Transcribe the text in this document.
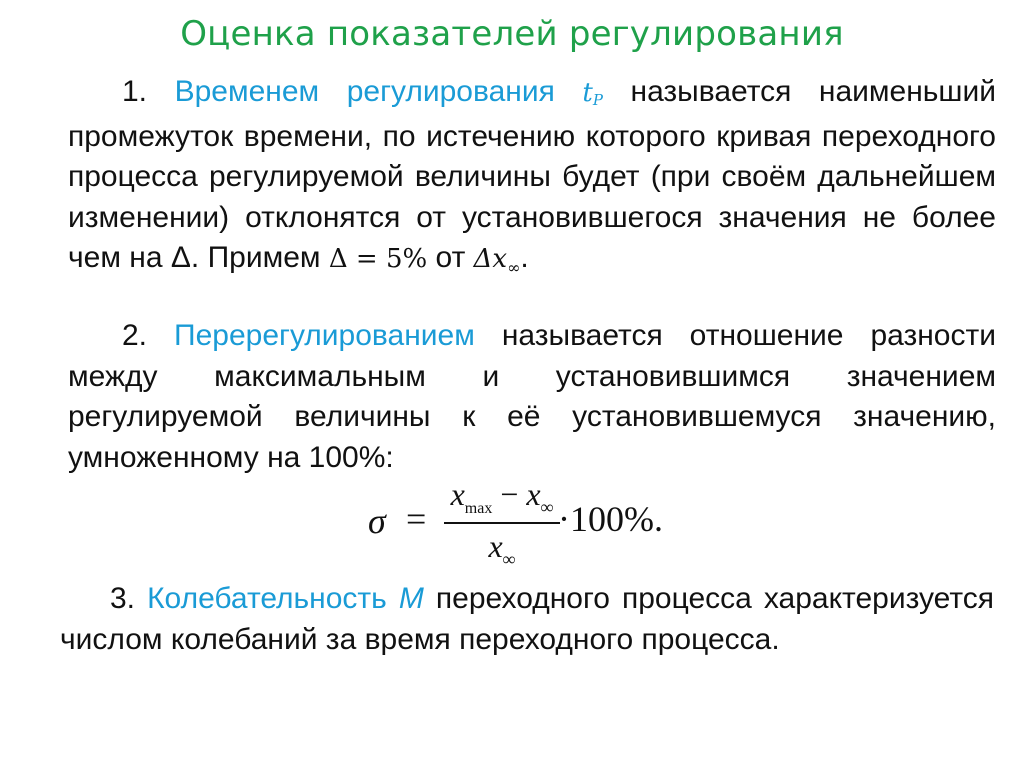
Оценка показателей регулирования
1. Временем регулирования tР называется наименьший промежуток времени, по истечению которого кривая переходного процесса регулируемой величины будет (при своём дальнейшем изменении) отклонятся от установившегося значения не более чем на Δ. Примем Δ = 5% от $\Delta x_\infty$.
2. Перерегулированием называется отношение разности между максимальным и установившимся значением регулируемой величины к её установившемуся значению, умноженному на 100%:
σ =
$x_{max} - x_\infty$
$x_\infty$
·100%.
3. Колебательность M переходного процесса характеризуется числом колебаний за время переходного процесса.
